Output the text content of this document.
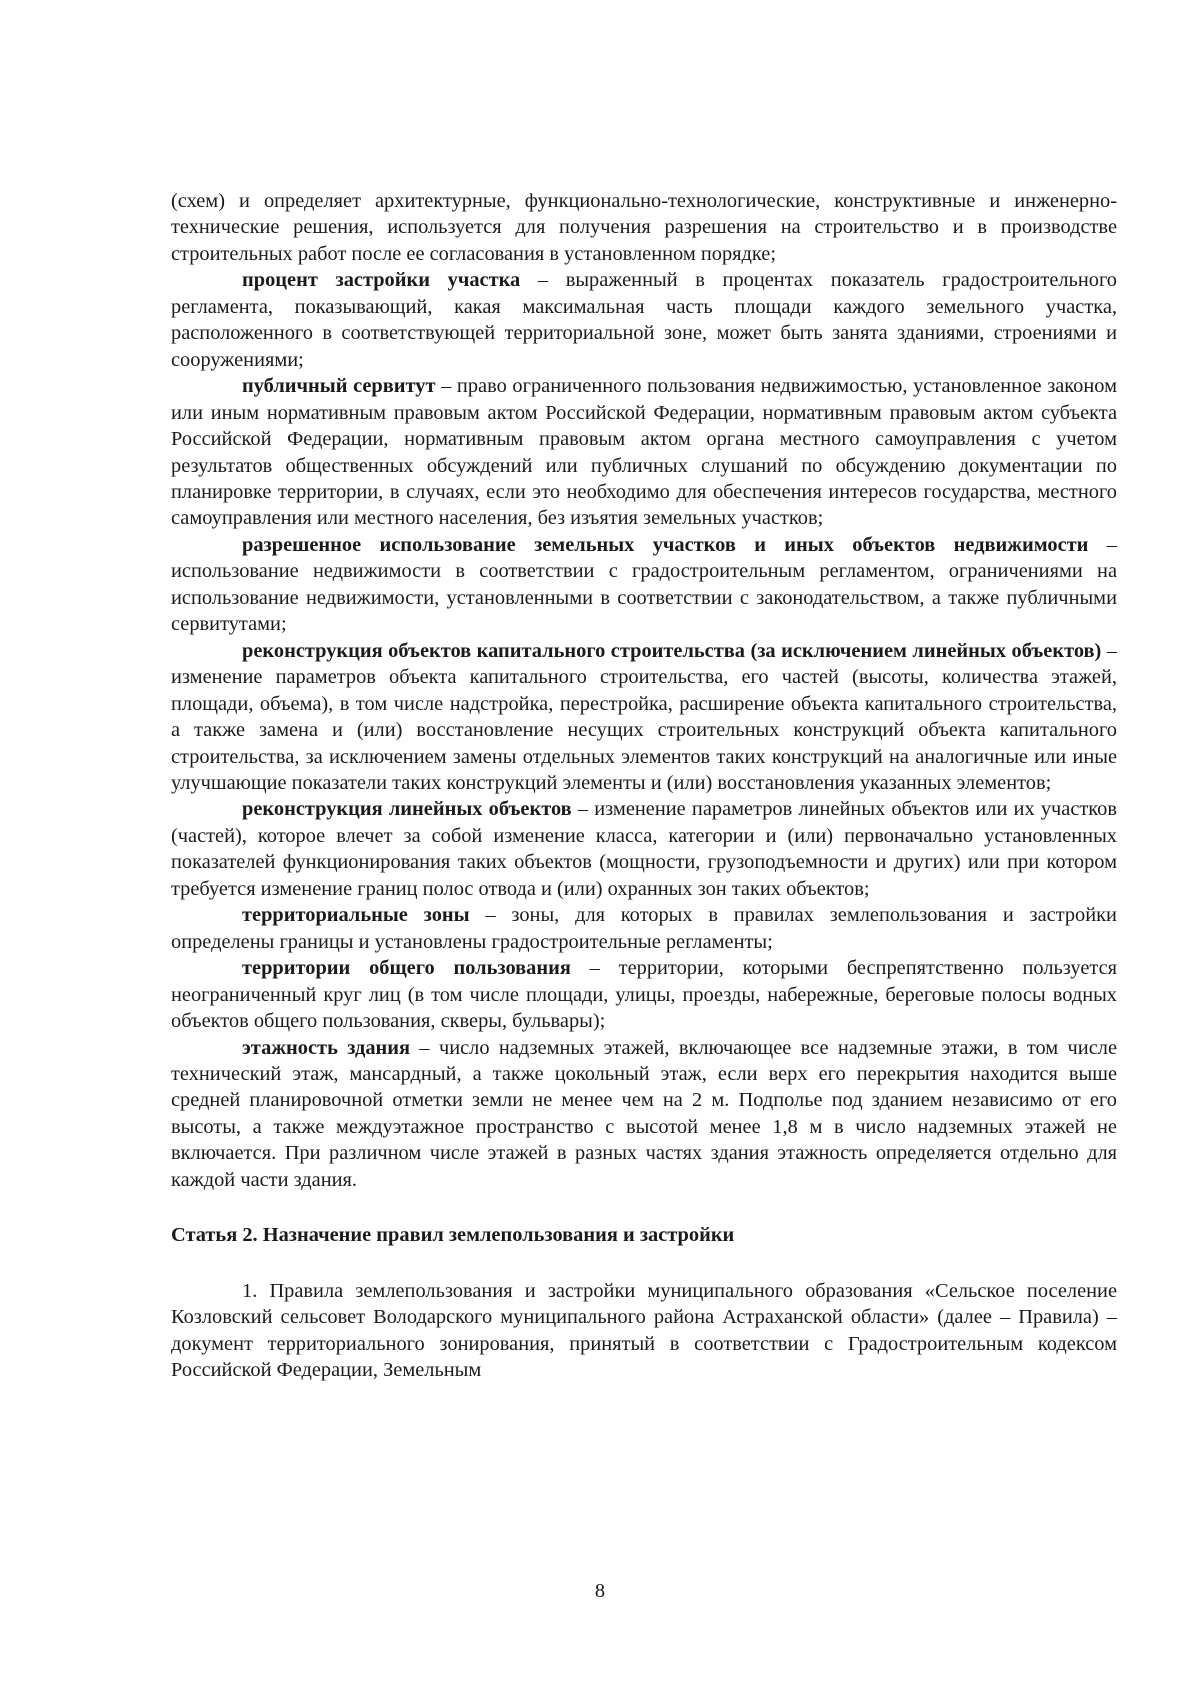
(схем) и определяет архитектурные, функционально-технологические, конструктивные и инженерно-технические решения, используется для получения разрешения на строительство и в производстве строительных работ после ее согласования в установленном порядке;

процент застройки участка – выраженный в процентах показатель градостроительного регламента, показывающий, какая максимальная часть площади каждого земельного участка, расположенного в соответствующей территориальной зоне, может быть занята зданиями, строениями и сооружениями;

публичный сервитут – право ограниченного пользования недвижимостью, установленное законом или иным нормативным правовым актом Российской Федерации, нормативным правовым актом субъекта Российской Федерации, нормативным правовым актом органа местного самоуправления с учетом результатов общественных обсуждений или публичных слушаний по обсуждению документации по планировке территории, в случаях, если это необходимо для обеспечения интересов государства, местного самоуправления или местного населения, без изъятия земельных участков;

разрешенное использование земельных участков и иных объектов недвижимости – использование недвижимости в соответствии с градостроительным регламентом, ограничениями на использование недвижимости, установленными в соответствии с законодательством, а также публичными сервитутами;

реконструкция объектов капитального строительства (за исключением линейных объектов) – изменение параметров объекта капитального строительства, его частей (высоты, количества этажей, площади, объема), в том числе надстройка, перестройка, расширение объекта капитального строительства, а также замена и (или) восстановление несущих строительных конструкций объекта капитального строительства, за исключением замены отдельных элементов таких конструкций на аналогичные или иные улучшающие показатели таких конструкций элементы и (или) восстановления указанных элементов;

реконструкция линейных объектов – изменение параметров линейных объектов или их участков (частей), которое влечет за собой изменение класса, категории и (или) первоначально установленных показателей функционирования таких объектов (мощности, грузоподъемности и других) или при котором требуется изменение границ полос отвода и (или) охранных зон таких объектов;

территориальные зоны – зоны, для которых в правилах землепользования и застройки определены границы и установлены градостроительные регламенты;

территории общего пользования – территории, которыми беспрепятственно пользуется неограниченный круг лиц (в том числе площади, улицы, проезды, набережные, береговые полосы водных объектов общего пользования, скверы, бульвары);

этажность здания – число надземных этажей, включающее все надземные этажи, в том числе технический этаж, мансардный, а также цокольный этаж, если верх его перекрытия находится выше средней планировочной отметки земли не менее чем на 2 м. Подполье под зданием независимо от его высоты, а также междуэтажное пространство с высотой менее 1,8 м в число надземных этажей не включается. При различном числе этажей в разных частях здания этажность определяется отдельно для каждой части здания.

Статья 2. Назначение правил землепользования и застройки

1. Правила землепользования и застройки муниципального образования «Сельское поселение Козловский сельсовет Володарского муниципального района Астраханской области» (далее – Правила) – документ территориального зонирования, принятый в соответствии с Градостроительным кодексом Российской Федерации, Земельным

8
